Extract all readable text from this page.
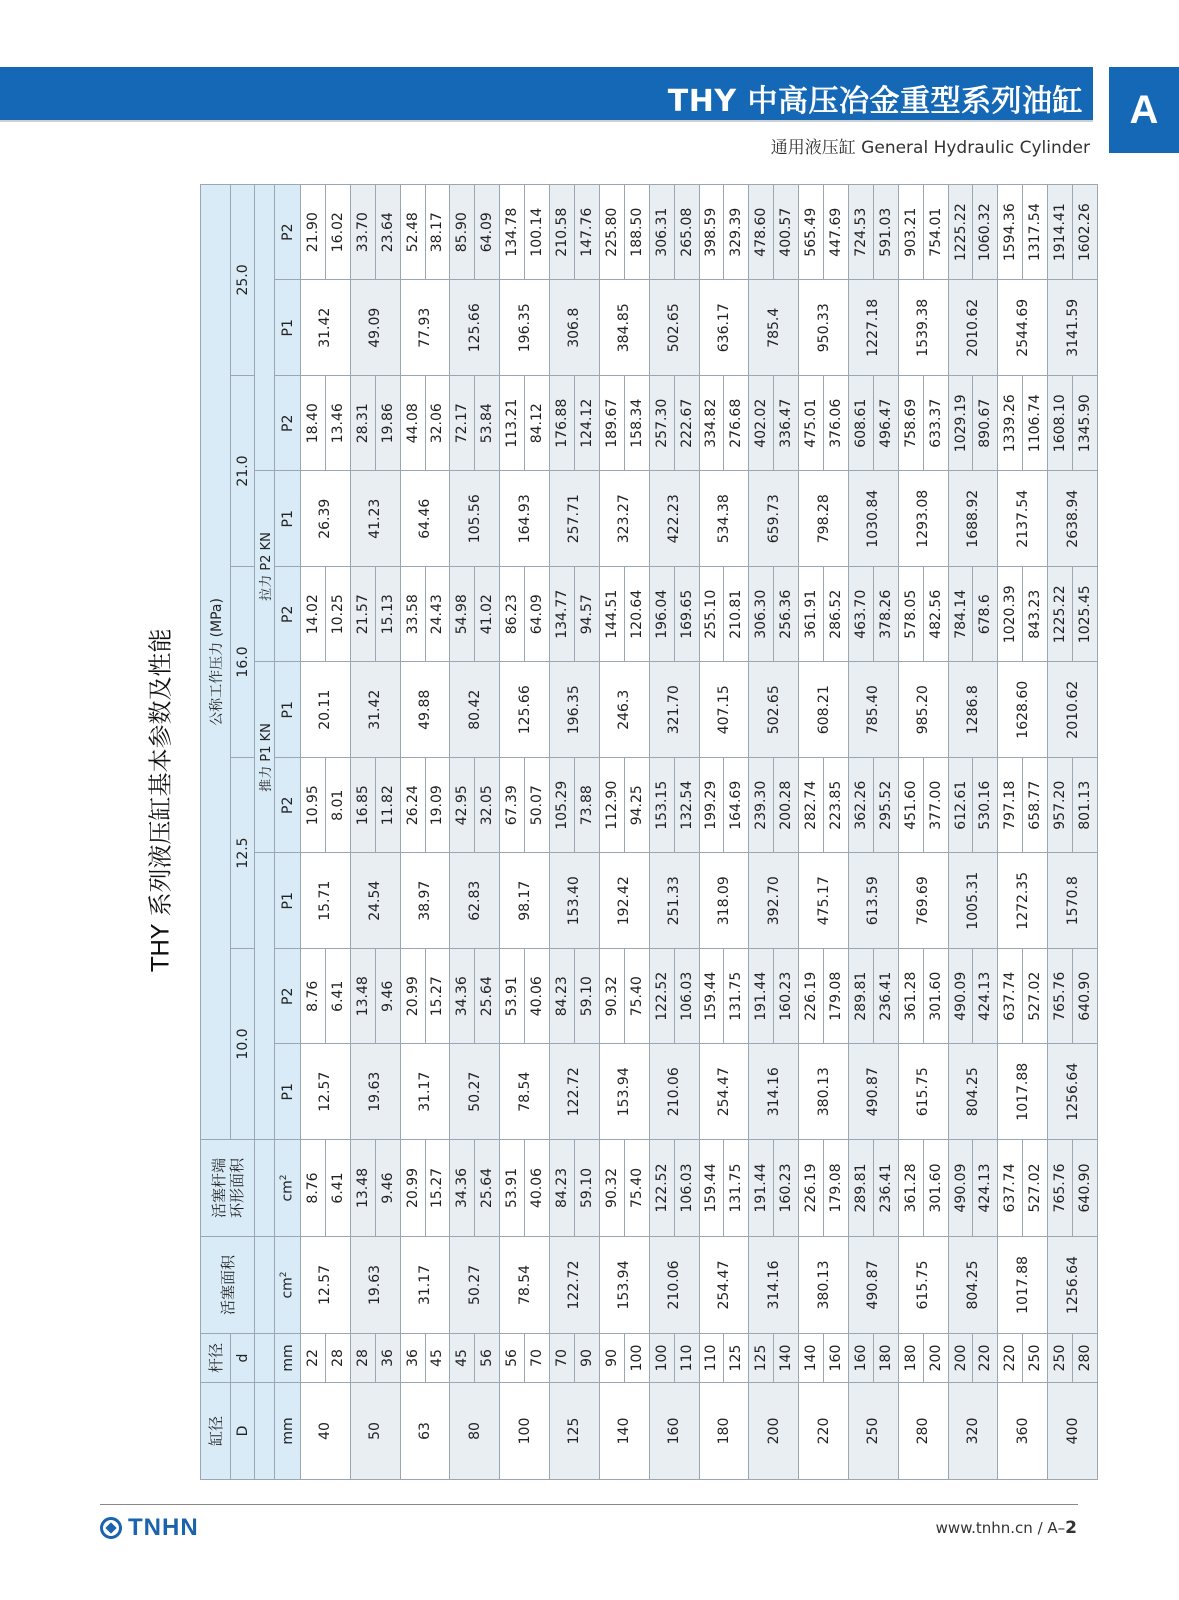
THY 中高压冶金重型系列油缸	A
通用液压缸 General Hydraulic Cylinder
THY 系列液压缸基本参数及性能
缸径	杆径	活塞面积	活塞杆端
环形面积	公称工作压力 (MPa)									
D	d			10.0		12.5		16.0		21.0		25.0	
							推力 P1 KN		拉力 P2 KN				
mm	mm	$cm^2$	$cm^2$	P1	P2	P1	P2	P1	P2	P1	P2	P1	P2
40	22	12.57	8.76	12.57	8.76	15.71	10.95	20.11	14.02	26.39	18.40	31.42	21.90
	28		6.41		6.41		8.01		10.25		13.46		16.02
50	28	19.63	13.48	19.63	13.48	24.54	16.85	31.42	21.57	41.23	28.31	49.09	33.70
	36		9.46		9.46		11.82		15.13		19.86		23.64
63	36	31.17	20.99	31.17	20.99	38.97	26.24	49.88	33.58	64.46	44.08	77.93	52.48
	45		15.27		15.27		19.09		24.43		32.06		38.17
80	45	50.27	34.36	50.27	34.36	62.83	42.95	80.42	54.98	105.56	72.17	125.66	85.90
	56		25.64		25.64		32.05		41.02		53.84		64.09
100	56	78.54	53.91	78.54	53.91	98.17	67.39	125.66	86.23	164.93	113.21	196.35	134.78
	70		40.06		40.06		50.07		64.09		84.12		100.14
125	70	122.72	84.23	122.72	84.23	153.40	105.29	196.35	134.77	257.71	176.88	306.8	210.58
	90		59.10		59.10		73.88		94.57		124.12		147.76
140	90	153.94	90.32	153.94	90.32	192.42	112.90	246.3	144.51	323.27	189.67	384.85	225.80
	100		75.40		75.40		94.25		120.64		158.34		188.50
160	100	210.06	122.52	210.06	122.52	251.33	153.15	321.70	196.04	422.23	257.30	502.65	306.31
	110		106.03		106.03		132.54		169.65		222.67		265.08
180	110	254.47	159.44	254.47	159.44	318.09	199.29	407.15	255.10	534.38	334.82	636.17	398.59
	125		131.75		131.75		164.69		210.81		276.68		329.39
200	125	314.16	191.44	314.16	191.44	392.70	239.30	502.65	306.30	659.73	402.02	785.4	478.60
	140		160.23		160.23		200.28		256.36		336.47		400.57
220	140	380.13	226.19	380.13	226.19	475.17	282.74	608.21	361.91	798.28	475.01	950.33	565.49
	160		179.08		179.08		223.85		286.52		376.06		447.69
250	160	490.87	289.81	490.87	289.81	613.59	362.26	785.40	463.70	1030.84	608.61	1227.18	724.53
	180		236.41		236.41		295.52		378.26		496.47		591.03
280	180	615.75	361.28	615.75	361.28	769.69	451.60	985.20	578.05	1293.08	758.69	1539.38	903.21
	200		301.60		301.60		377.00		482.56		633.37		754.01
320	200	804.25	490.09	804.25	490.09	1005.31	612.61	1286.8	784.14	1688.92	1029.19	2010.62	1225.22
	220		424.13		424.13		530.16		678.6		890.67		1060.32
360	220	1017.88	637.74	1017.88	637.74	1272.35	797.18	1628.60	1020.39	2137.54	1339.26	2544.69	1594.36
	250		527.02		527.02		658.77		843.23		1106.74		1317.54
400	250	1256.64	765.76	1256.64	765.76	1570.8	957.20	2010.62	1225.22	2638.94	1608.10	3141.59	1914.41
	280		640.90		640.90		801.13		1025.45		1345.90		1602.26
TNHN	www.tnhn.cn / A–2
